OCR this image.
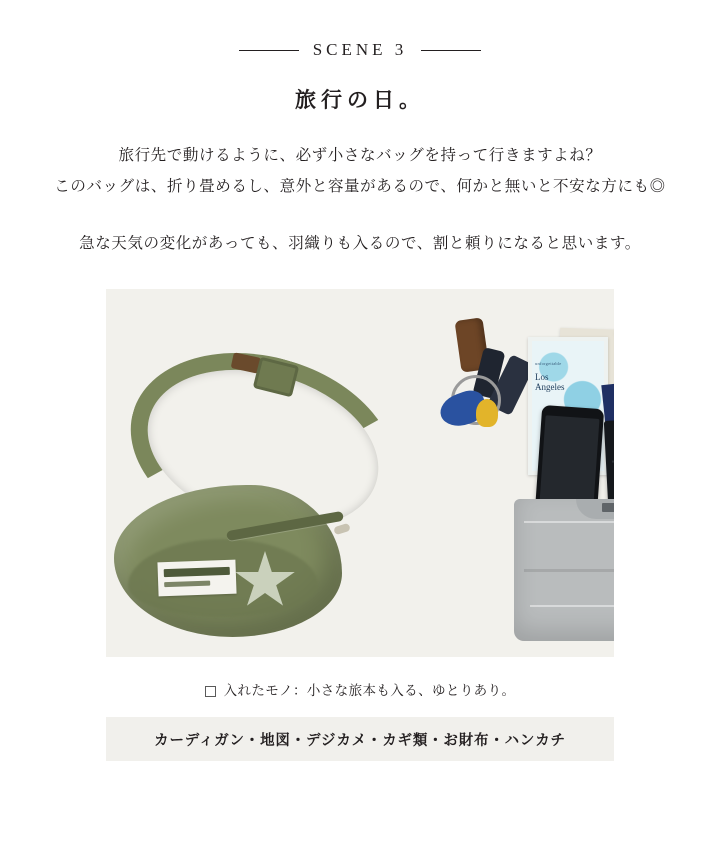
SCENE 3
旅行の日。

旅行先で動けるように、必ず小さなバッグを持って行きますよね？

このバッグは、折り畳めるし、意外と容量があるので、何かと無いと不安な方にも◎

急な天気の変化があっても、羽織りも入るので、割と頼りになると思います。

unforgettable
Los
Angeles
入れたモノ：小さな旅本も入る、ゆとりあり。
カーディガン・地図・デジカメ・カギ類・お財布・ハンカチ
